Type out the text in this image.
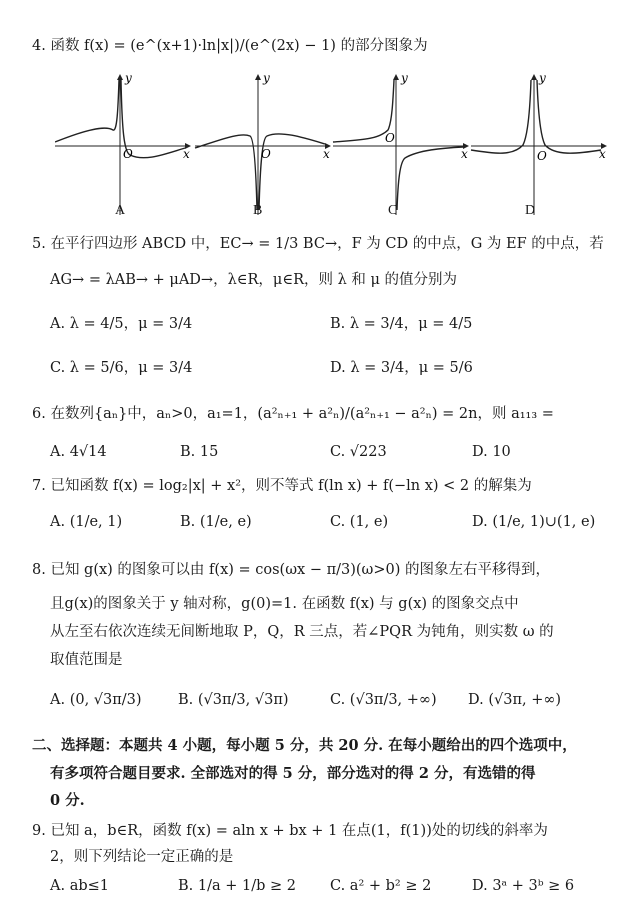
4. 函数 f(x) = (e^(x+1)·ln|x|)/(e^(2x) − 1) 的部分图象为
O
y
x	O
y
x
O
y
x	O
y
x
A	B	C	D
5. 在平行四边形 ABCD 中，EC→ = 1/3 BC→，F 为 CD 的中点，G 为 EF 的中点，若
AG→ = λAB→ + μAD→，λ∈R，μ∈R，则 λ 和 μ 的值分别为
A. λ = 4/5，μ = 3/4	B. λ = 3/4，μ = 4/5
C. λ = 5/6，μ = 3/4	D. λ = 3/4，μ = 5/6
6. 在数列{aₙ}中，aₙ>0，a₁=1，(a²ₙ₊₁ + a²ₙ)/(a²ₙ₊₁ − a²ₙ) = 2n，则 a₁₁₃ =
A. 4√14	B. 15	C. √223	D. 10
7. 已知函数 f(x) = log₂|x| + x²，则不等式 f(ln x) + f(−ln x) < 2 的解集为
A. (1/e, 1)	B. (1/e, e)	C. (1, e)	D. (1/e, 1)∪(1, e)
8. 已知 g(x) 的图象可以由 f(x) = cos(ωx − π/3)(ω>0) 的图象左右平移得到，
且g(x)的图象关于 y 轴对称，g(0)=1. 在函数 f(x) 与 g(x) 的图象交点中
从左至右依次连续无间断地取 P，Q，R 三点，若∠PQR 为钝角，则实数 ω 的
取值范围是
A. (0, √3π/3)	B. (√3π/3, √3π)	C. (√3π/3, +∞) D. (√3π, +∞)
二、选择题：本题共 4 小题，每小题 5 分，共 20 分. 在每小题给出的四个选项中，
有多项符合题目要求. 全部选对的得 5 分，部分选对的得 2 分，有选错的得
0 分.
9. 已知 a，b∈R，函数 f(x) = aln x + bx + 1 在点(1，f(1))处的切线的斜率为
2，则下列结论一定正确的是
A. ab≤1	B. 1/a + 1/b ≥ 2 C. a² + b² ≥ 2	D. 3ᵃ + 3ᵇ ≥ 6
